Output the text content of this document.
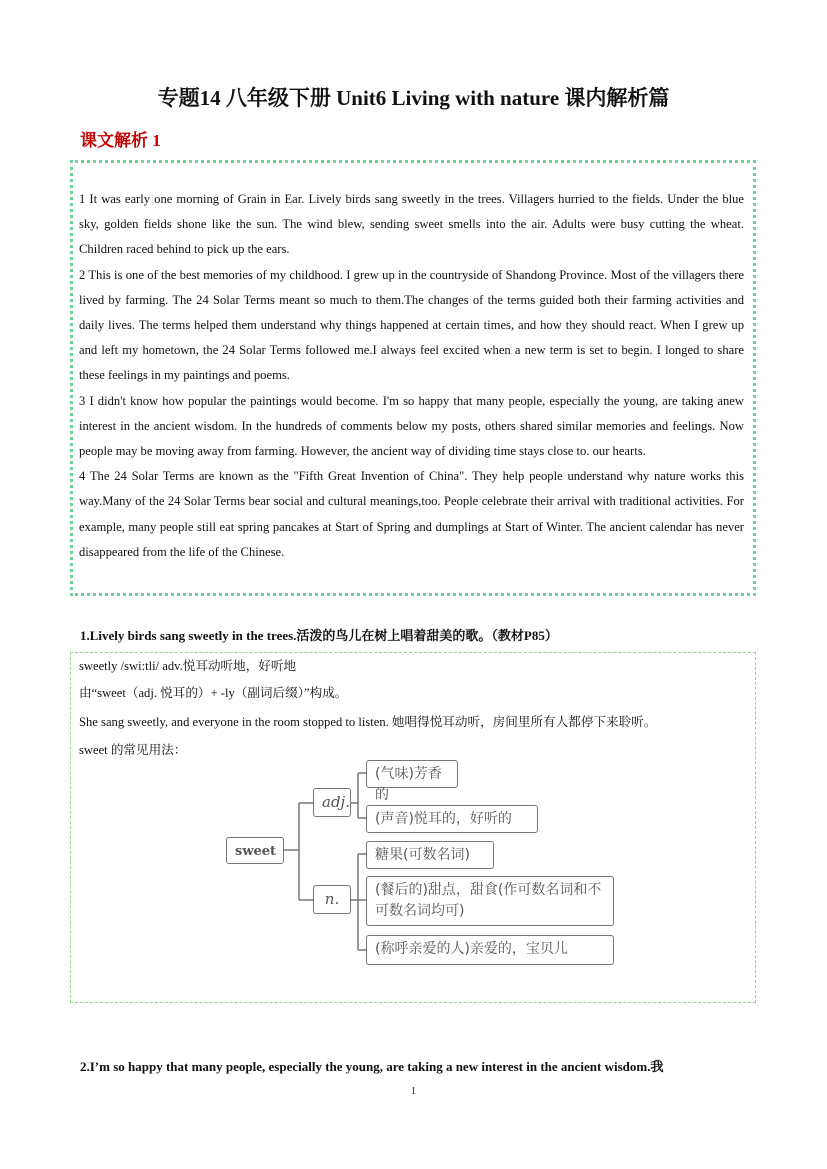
专题14 八年级下册 Unit6 Living with nature 课内解析篇
课文解析 1

1 It was early one morning of Grain in Ear. Lively birds sang sweetly in the trees. Villagers hurried to the fields. Under the blue sky, golden fields shone like the sun. The wind blew, sending sweet smells into the air. Adults were busy cutting the wheat. Children raced behind to pick up the ears.

2 This is one of the best memories of my childhood. I grew up in the countryside of Shandong Province. Most of the villagers there lived by farming. The 24 Solar Terms meant so much to them.The changes of the terms guided both their farming activities and daily lives. The terms helped them understand why things happened at certain times, and how they should react. When I grew up and left my hometown, the 24 Solar Terms followed me.I always feel excited when a new term is set to begin. I longed to share these feelings in my paintings and poems.

3 I didn't know how popular the paintings would become. I'm so happy that many people, especially the young, are taking anew interest in the ancient wisdom. In the hundreds of comments below my posts, others shared similar memories and feelings. Now people may be moving away from farming. However, the ancient way of dividing time stays close to. our hearts.

4 The 24 Solar Terms are known as the "Fifth Great Invention of China". They help people understand why nature works this way.Many of the 24 Solar Terms bear social and cultural meanings,too. People celebrate their arrival with traditional activities. For example, many people still eat spring pancakes at Start of Spring and dumplings at Start of Winter. The ancient calendar has never disappeared from the life of the Chinese.

1.Lively birds sang sweetly in the trees.活泼的鸟儿在树上唱着甜美的歌。（教材P85）
sweetly /swi:tli/ adv.悦耳动听地，好听地
由“sweet（adj. 悦耳的）+ -ly（副词后缀）”构成。
She sang sweetly, and everyone in the room stopped to listen. 她唱得悦耳动听，房间里所有人都停下来聆听。
sweet 的常见用法：
sweet
adj.
n.
(气味)芳香的
(声音)悦耳的，好听的
糖果(可数名词)
(餐后的)甜点，甜食(作可数名词和不可数名词均可)
(称呼亲爱的人)亲爱的，宝贝儿
2.I’m so happy that many people, especially the young, are taking a new interest in the ancient wisdom.我
1
